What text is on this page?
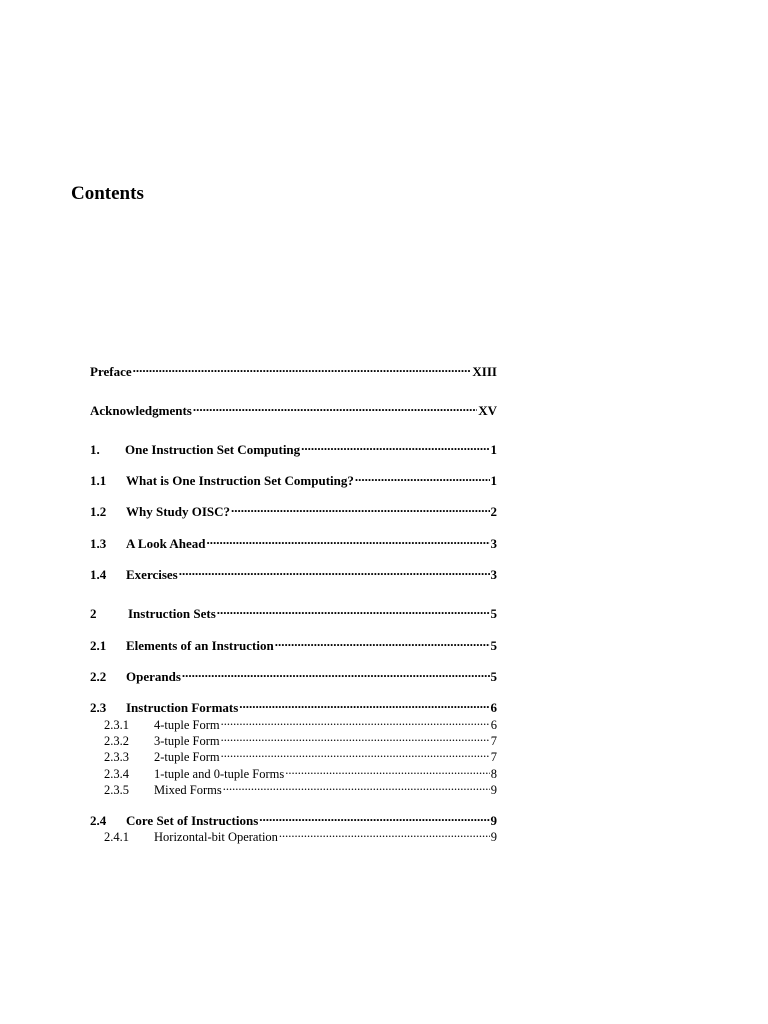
Contents
Preface .....	XIII
Acknowledgments .....	XV
1.	One Instruction Set Computing .....	1
1.1	What is One Instruction Set Computing? .....	1
1.2	Why Study OISC? .....	2
1.3	A Look Ahead .....	3
1.4	Exercises .....	3
2	Instruction Sets .....	5
2.1	Elements of an Instruction .....	5
2.2	Operands .....	5
2.3	Instruction Formats .....	6
2.3.1	4-tuple Form .....	6
2.3.2	3-tuple Form .....	7
2.3.3	2-tuple Form .....	7
2.3.4	1-tuple and 0-tuple Forms .....	8
2.3.5	Mixed Forms .....	9
2.4	Core Set of Instructions .....	9
2.4.1	Horizontal-bit Operation .....	9
